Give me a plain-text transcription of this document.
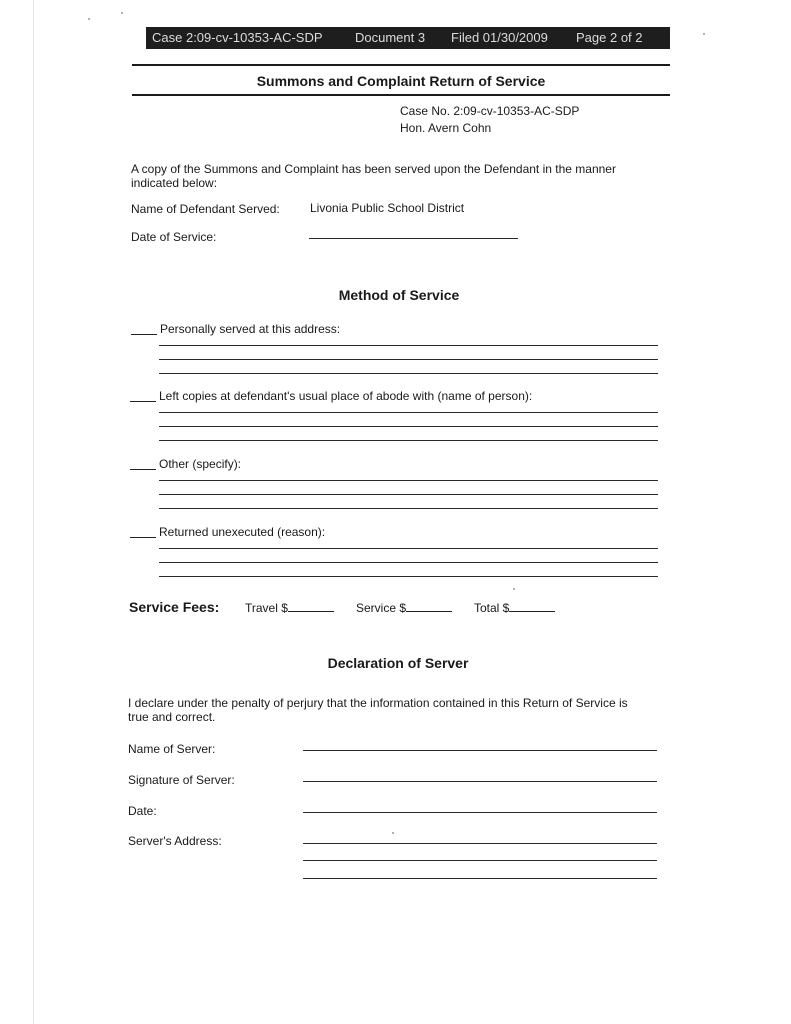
Case 2:09-cv-10353-AC-SDP Document 3 Filed 01/30/2009 Page 2 of 2
Summons and Complaint Return of Service
Case No. 2:09-cv-10353-AC-SDP
Hon. Avern Cohn
A copy of the Summons and Complaint has been served upon the Defendant in the manner
indicated below:
Name of Defendant Served:	Livonia Public School District
Date of Service:
Method of Service
Personally served at this address:
Left copies at defendant's usual place of abode with (name of person):
Other (specify):
Returned unexecuted (reason):
Service Fees: Travel $	Service $	Total $
Declaration of Server
I declare under the penalty of perjury that the information contained in this Return of Service is
true and correct.
Name of Server:
Signature of Server:
Date:
Server's Address:
